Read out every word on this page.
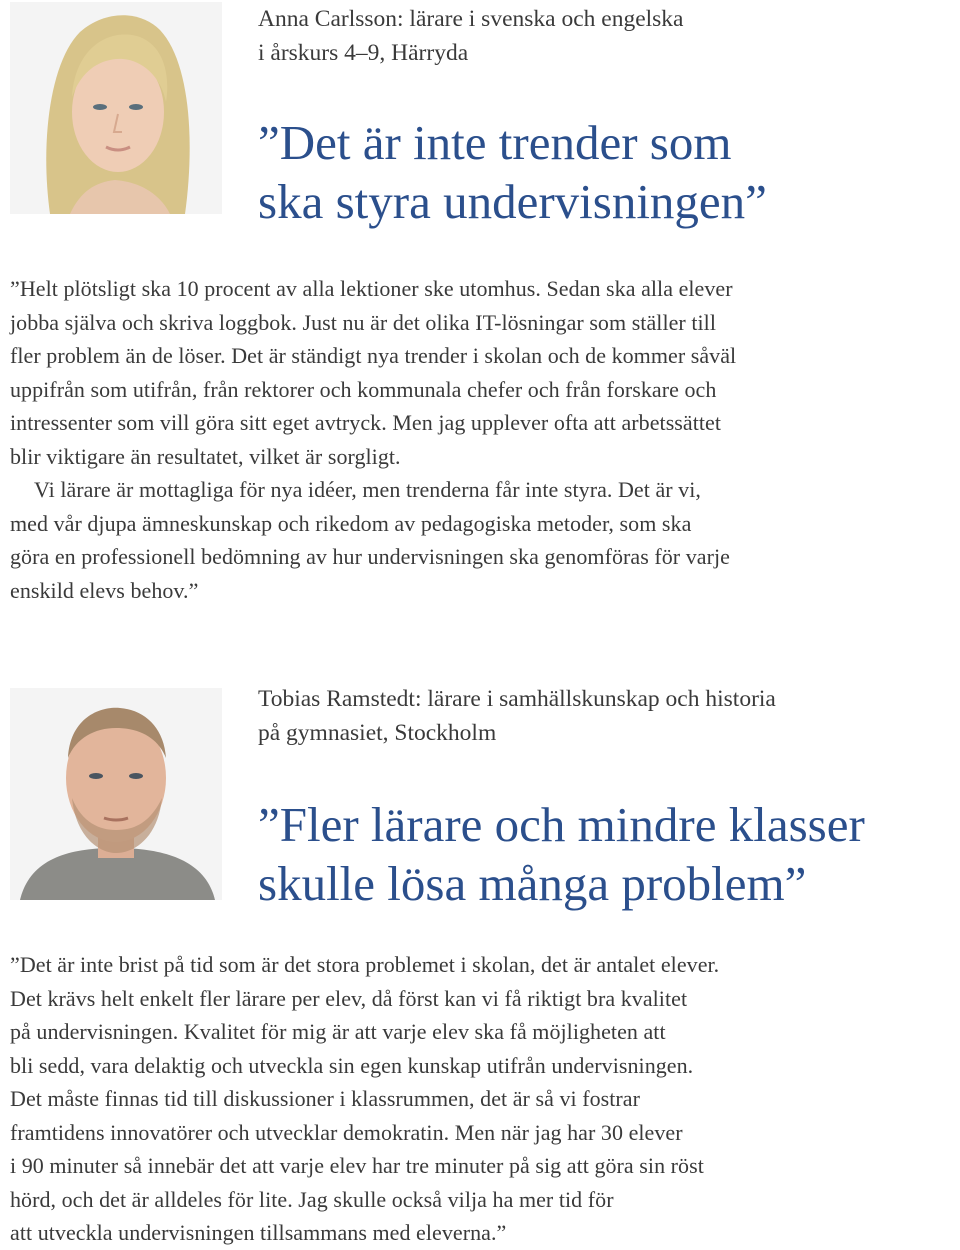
Anna Carlsson: lärare i svenska och engelska
i årskurs 4–9, Härryda
”Det är inte trender som
ska styra undervisningen”
”Helt plötsligt ska 10 procent av alla lektioner ske utomhus. Sedan ska alla elever
jobba själva och skriva loggbok. Just nu är det olika IT-lösningar som ställer till
fler problem än de löser. Det är ständigt nya trender i skolan och de kommer såväl
uppifrån som utifrån, från rektorer och kommunala chefer och från forskare och
intressenter som vill göra sitt eget avtryck. Men jag upplever ofta att arbetssättet
blir viktigare än resultatet, vilket är sorgligt.
Vi lärare är mottagliga för nya idéer, men trenderna får inte styra. Det är vi,
med vår djupa ämneskunskap och rikedom av pedagogiska metoder, som ska
göra en professionell bedömning av hur undervisningen ska genomföras för varje
enskild elevs behov.”
Tobias Ramstedt: lärare i samhällskunskap och historia
på gymnasiet, Stockholm
”Fler lärare och mindre klasser
skulle lösa många problem”
”Det är inte brist på tid som är det stora problemet i skolan, det är antalet elever.
Det krävs helt enkelt fler lärare per elev, då först kan vi få riktigt bra kvalitet
på undervisningen. Kvalitet för mig är att varje elev ska få möjligheten att
bli sedd, vara delaktig och utveckla sin egen kunskap utifrån undervisningen.
Det måste finnas tid till diskussioner i klassrummen, det är så vi fostrar
framtidens innovatörer och utvecklar demokratin. Men när jag har 30 elever
i 90 minuter så innebär det att varje elev har tre minuter på sig att göra sin röst
hörd, och det är alldeles för lite. Jag skulle också vilja ha mer tid för
att utveckla undervisningen tillsammans med eleverna.”
